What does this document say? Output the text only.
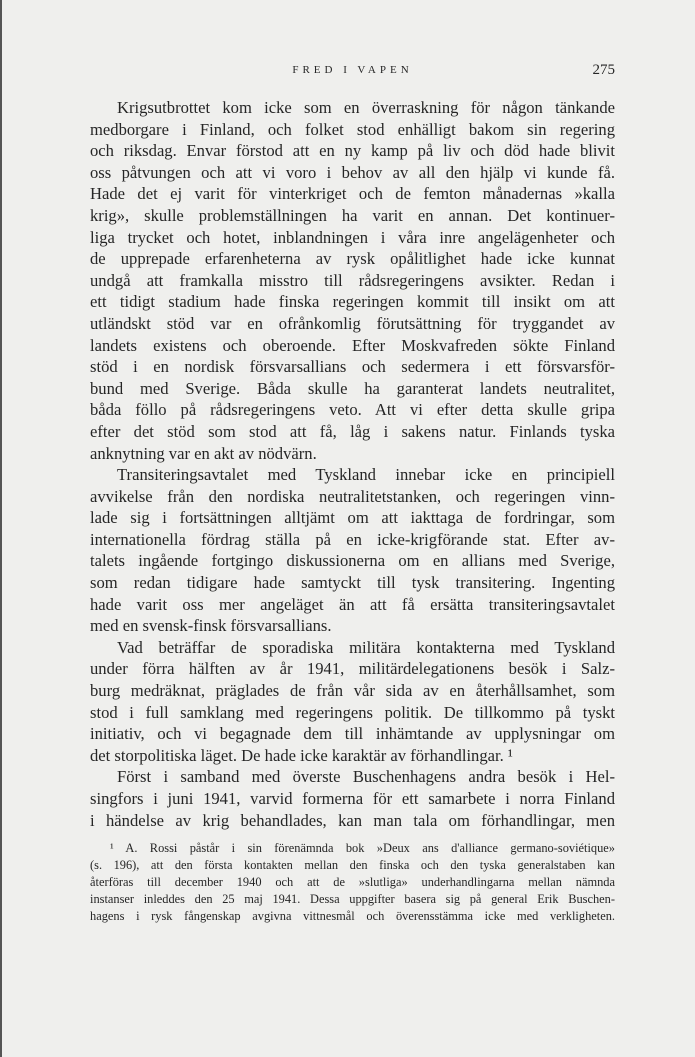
FRED I VAPEN	275
Krigsutbrottet kom icke som en överraskning för någon tänkande
medborgare i Finland, och folket stod enhälligt bakom sin regering
och riksdag. Envar förstod att en ny kamp på liv och död hade blivit
oss påtvungen och att vi voro i behov av all den hjälp vi kunde få.
Hade det ej varit för vinterkriget och de femton månadernas »kalla
krig», skulle problemställningen ha varit en annan. Det kontinuer-
liga trycket och hotet, inblandningen i våra inre angelägenheter och
de upprepade erfarenheterna av rysk opålitlighet hade icke kunnat
undgå att framkalla misstro till rådsregeringens avsikter. Redan i
ett tidigt stadium hade finska regeringen kommit till insikt om att
utländskt stöd var en ofrånkomlig förutsättning för tryggandet av
landets existens och oberoende. Efter Moskvafreden sökte Finland
stöd i en nordisk försvarsallians och sedermera i ett försvarsför-
bund med Sverige. Båda skulle ha garanterat landets neutralitet,
båda föllo på rådsregeringens veto. Att vi efter detta skulle gripa
efter det stöd som stod att få, låg i sakens natur. Finlands tyska
anknytning var en akt av nödvärn.
Transiteringsavtalet med Tyskland innebar icke en principiell
avvikelse från den nordiska neutralitetstanken, och regeringen vinn-
lade sig i fortsättningen alltjämt om att iakttaga de fordringar, som
internationella fördrag ställa på en icke-krigförande stat. Efter av-
talets ingående fortgingo diskussionerna om en allians med Sverige,
som redan tidigare hade samtyckt till tysk transitering. Ingenting
hade varit oss mer angeläget än att få ersätta transiteringsavtalet
med en svensk-finsk försvarsallians.
Vad beträffar de sporadiska militära kontakterna med Tyskland
under förra hälften av år 1941, militärdelegationens besök i Salz-
burg medräknat, präglades de från vår sida av en återhållsamhet, som
stod i full samklang med regeringens politik. De tillkommo på tyskt
initiativ, och vi begagnade dem till inhämtande av upplysningar om
det storpolitiska läget. De hade icke karaktär av förhandlingar. ¹
Först i samband med överste Buschenhagens andra besök i Hel-
singfors i juni 1941, varvid formerna för ett samarbete i norra Finland
i händelse av krig behandlades, kan man tala om förhandlingar, men
¹ A. Rossi påstår i sin förenämnda bok »Deux ans d'alliance germano-soviétique»
(s. 196), att den första kontakten mellan den finska och den tyska generalstaben kan
återföras till december 1940 och att de »slutliga» underhandlingarna mellan nämnda
instanser inleddes den 25 maj 1941. Dessa uppgifter basera sig på general Erik Buschen-
hagens i rysk fångenskap avgivna vittnesmål och överensstämma icke med verkligheten.
